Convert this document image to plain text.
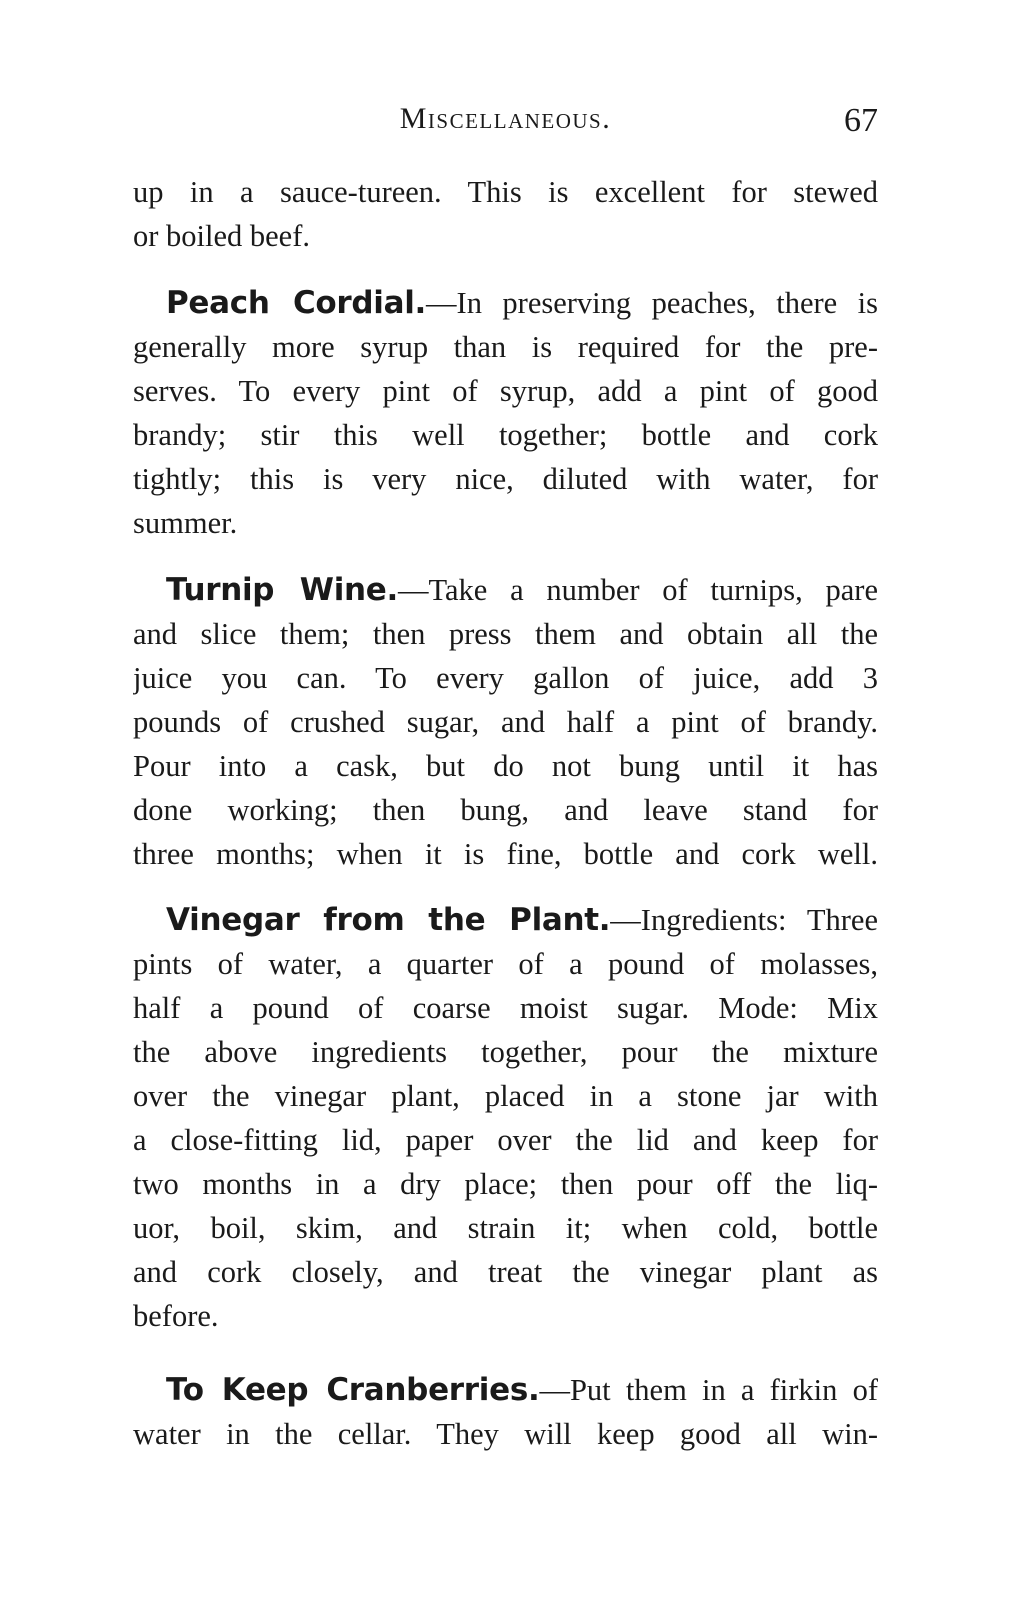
Miscellaneous.	67
up in a sauce-tureen. This is excellent for stewed
or boiled beef.
Peach Cordial.—In preserving peaches, there is
generally more syrup than is required for the pre-
serves. To every pint of syrup, add a pint of good
brandy; stir this well together; bottle and cork
tightly; this is very nice, diluted with water, for
summer.
Turnip Wine.—Take a number of turnips, pare
and slice them; then press them and obtain all the
juice you can. To every gallon of juice, add 3
pounds of crushed sugar, and half a pint of brandy.
Pour into a cask, but do not bung until it has
done working; then bung, and leave stand for
three months; when it is fine, bottle and cork well.
Vinegar from the Plant.—Ingredients: Three
pints of water, a quarter of a pound of molasses,
half a pound of coarse moist sugar. Mode: Mix
the above ingredients together, pour the mixture
over the vinegar plant, placed in a stone jar with
a close-fitting lid, paper over the lid and keep for
two months in a dry place; then pour off the liq-
uor, boil, skim, and strain it; when cold, bottle
and cork closely, and treat the vinegar plant as
before.
To Keep Cranberries.—Put them in a firkin of
water in the cellar. They will keep good all win-
